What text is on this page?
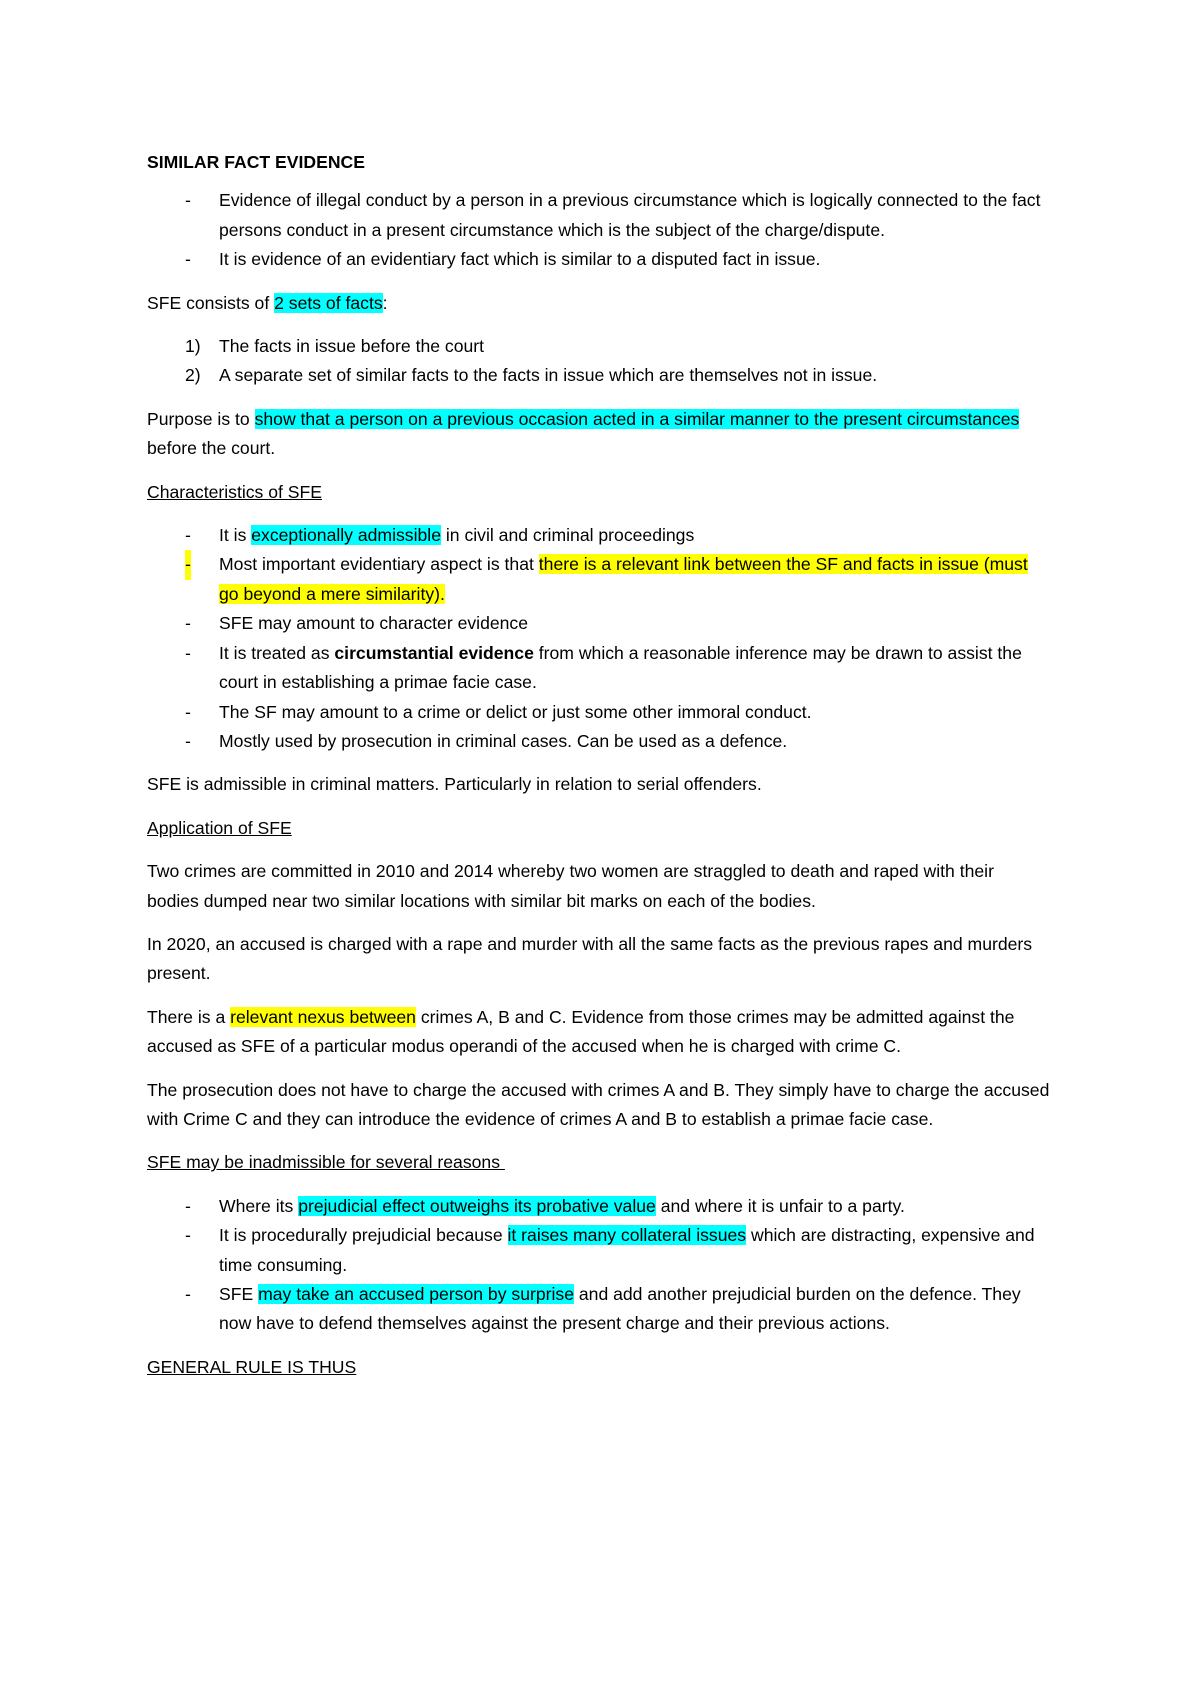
SIMILAR FACT EVIDENCE
- Evidence of illegal conduct by a person in a previous circumstance which is logically connected to the fact persons conduct in a present circumstance which is the subject of the charge/dispute.
- It is evidence of an evidentiary fact which is similar to a disputed fact in issue.

SFE consists of 2 sets of facts:

1) The facts in issue before the court
2) A separate set of similar facts to the facts in issue which are themselves not in issue.

Purpose is to show that a person on a previous occasion acted in a similar manner to the present circumstances before the court.

Characteristics of SFE

- It is exceptionally admissible in civil and criminal proceedings
- Most important evidentiary aspect is that there is a relevant link between the SF and facts in issue (must go beyond a mere similarity).
- SFE may amount to character evidence
- It is treated as circumstantial evidence from which a reasonable inference may be drawn to assist the court in establishing a primae facie case.
- The SF may amount to a crime or delict or just some other immoral conduct.
- Mostly used by prosecution in criminal cases. Can be used as a defence.

SFE is admissible in criminal matters. Particularly in relation to serial offenders.

Application of SFE

Two crimes are committed in 2010 and 2014 whereby two women are straggled to death and raped with their bodies dumped near two similar locations with similar bit marks on each of the bodies.

In 2020, an accused is charged with a rape and murder with all the same facts as the previous rapes and murders present.

There is a relevant nexus between crimes A, B and C. Evidence from those crimes may be admitted against the accused as SFE of a particular modus operandi of the accused when he is charged with crime C.

The prosecution does not have to charge the accused with crimes A and B. They simply have to charge the accused with Crime C and they can introduce the evidence of crimes A and B to establish a primae facie case.

SFE may be inadmissible for several reasons

- Where its prejudicial effect outweighs its probative value and where it is unfair to a party.
- It is procedurally prejudicial because it raises many collateral issues which are distracting, expensive and time consuming.
- SFE may take an accused person by surprise and add another prejudicial burden on the defence. They now have to defend themselves against the present charge and their previous actions.

GENERAL RULE IS THUS
